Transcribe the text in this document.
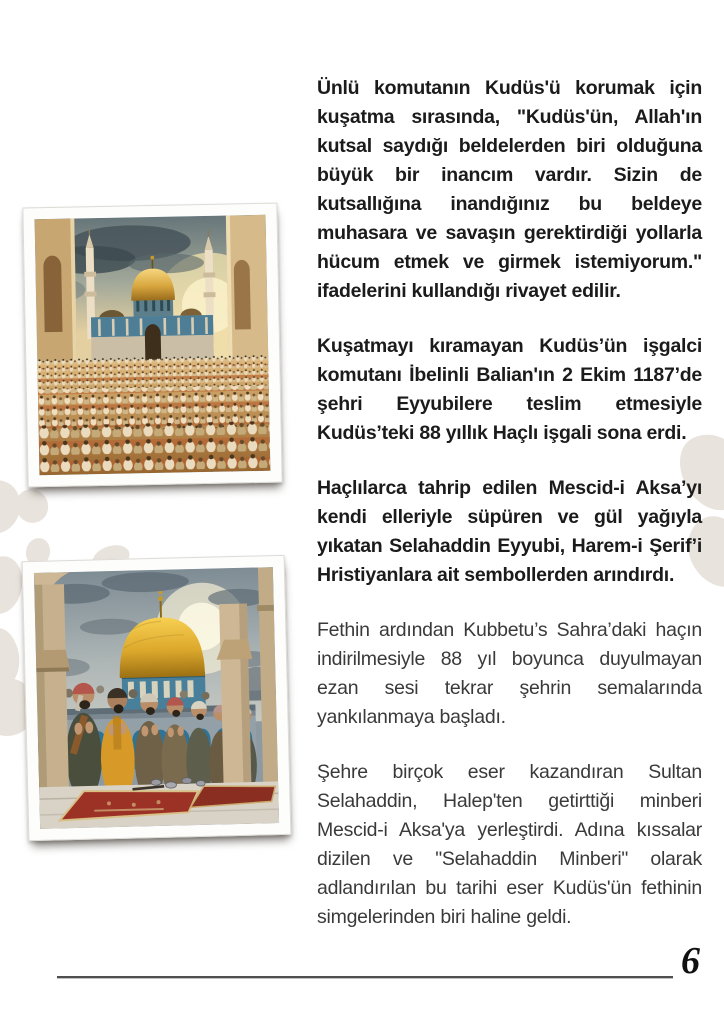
Ünlü komutanın Kudüs'ü korumak için kuşatma sırasında, "Kudüs'ün, Allah'ın kutsal saydığı beldelerden biri olduğuna büyük bir inancım vardır. Sizin de kutsallığına inandığınız bu beldeye muhasara ve savaşın gerektirdiği yollarla hücum etmek ve girmek istemiyorum." ifadelerini kullandığı rivayet edilir.

Kuşatmayı kıramayan Kudüs’ün işgalci komutanı İbelinli Balian'ın 2 Ekim 1187’de şehri Eyyubilere teslim etmesiyle Kudüs’teki 88 yıllık Haçlı işgali sona erdi.

Haçlılarca tahrip edilen Mescid-i Aksa’yı kendi elleriyle süpüren ve gül yağıyla yıkatan Selahaddin Eyyubi, Harem-i Şerif’i Hristiyanlara ait sembollerden arındırdı.

Fethin ardından Kubbetu’s Sahra’daki haçın indirilmesiyle 88 yıl boyunca duyulmayan ezan sesi tekrar şehrin semalarında yankılanmaya başladı.

Şehre birçok eser kazandıran Sultan Selahaddin, Halep'ten getirttiği minberi Mescid-i Aksa'ya yerleştirdi. Adına kıssalar dizilen ve "Selahaddin Minberi" olarak adlandırılan bu tarihi eser Kudüs'ün fethinin simgelerinden biri haline geldi.

6
